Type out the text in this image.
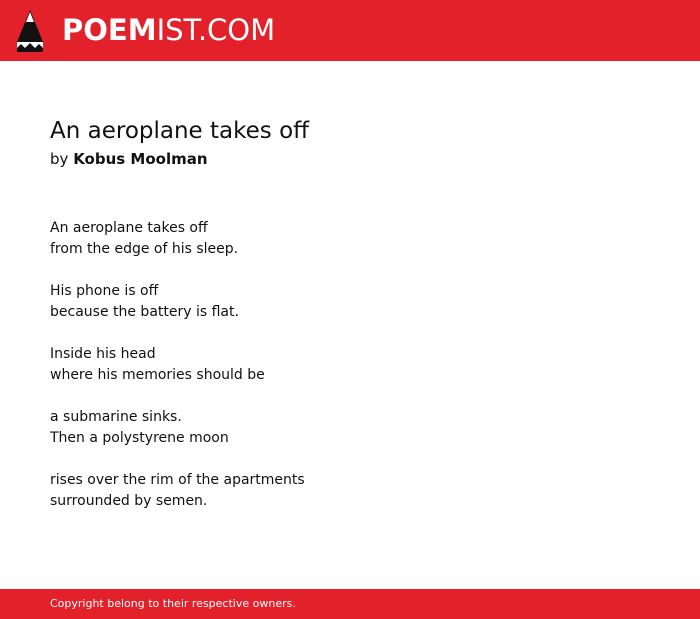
POEMIST.COM
An aeroplane takes off
by Kobus Moolman

An aeroplane takes off
from the edge of his sleep.

His phone is off
because the battery is flat.

Inside his head
where his memories should be

a submarine sinks.
Then a polystyrene moon

rises over the rim of the apartments
surrounded by semen.

Copyright belong to their respective owners.
